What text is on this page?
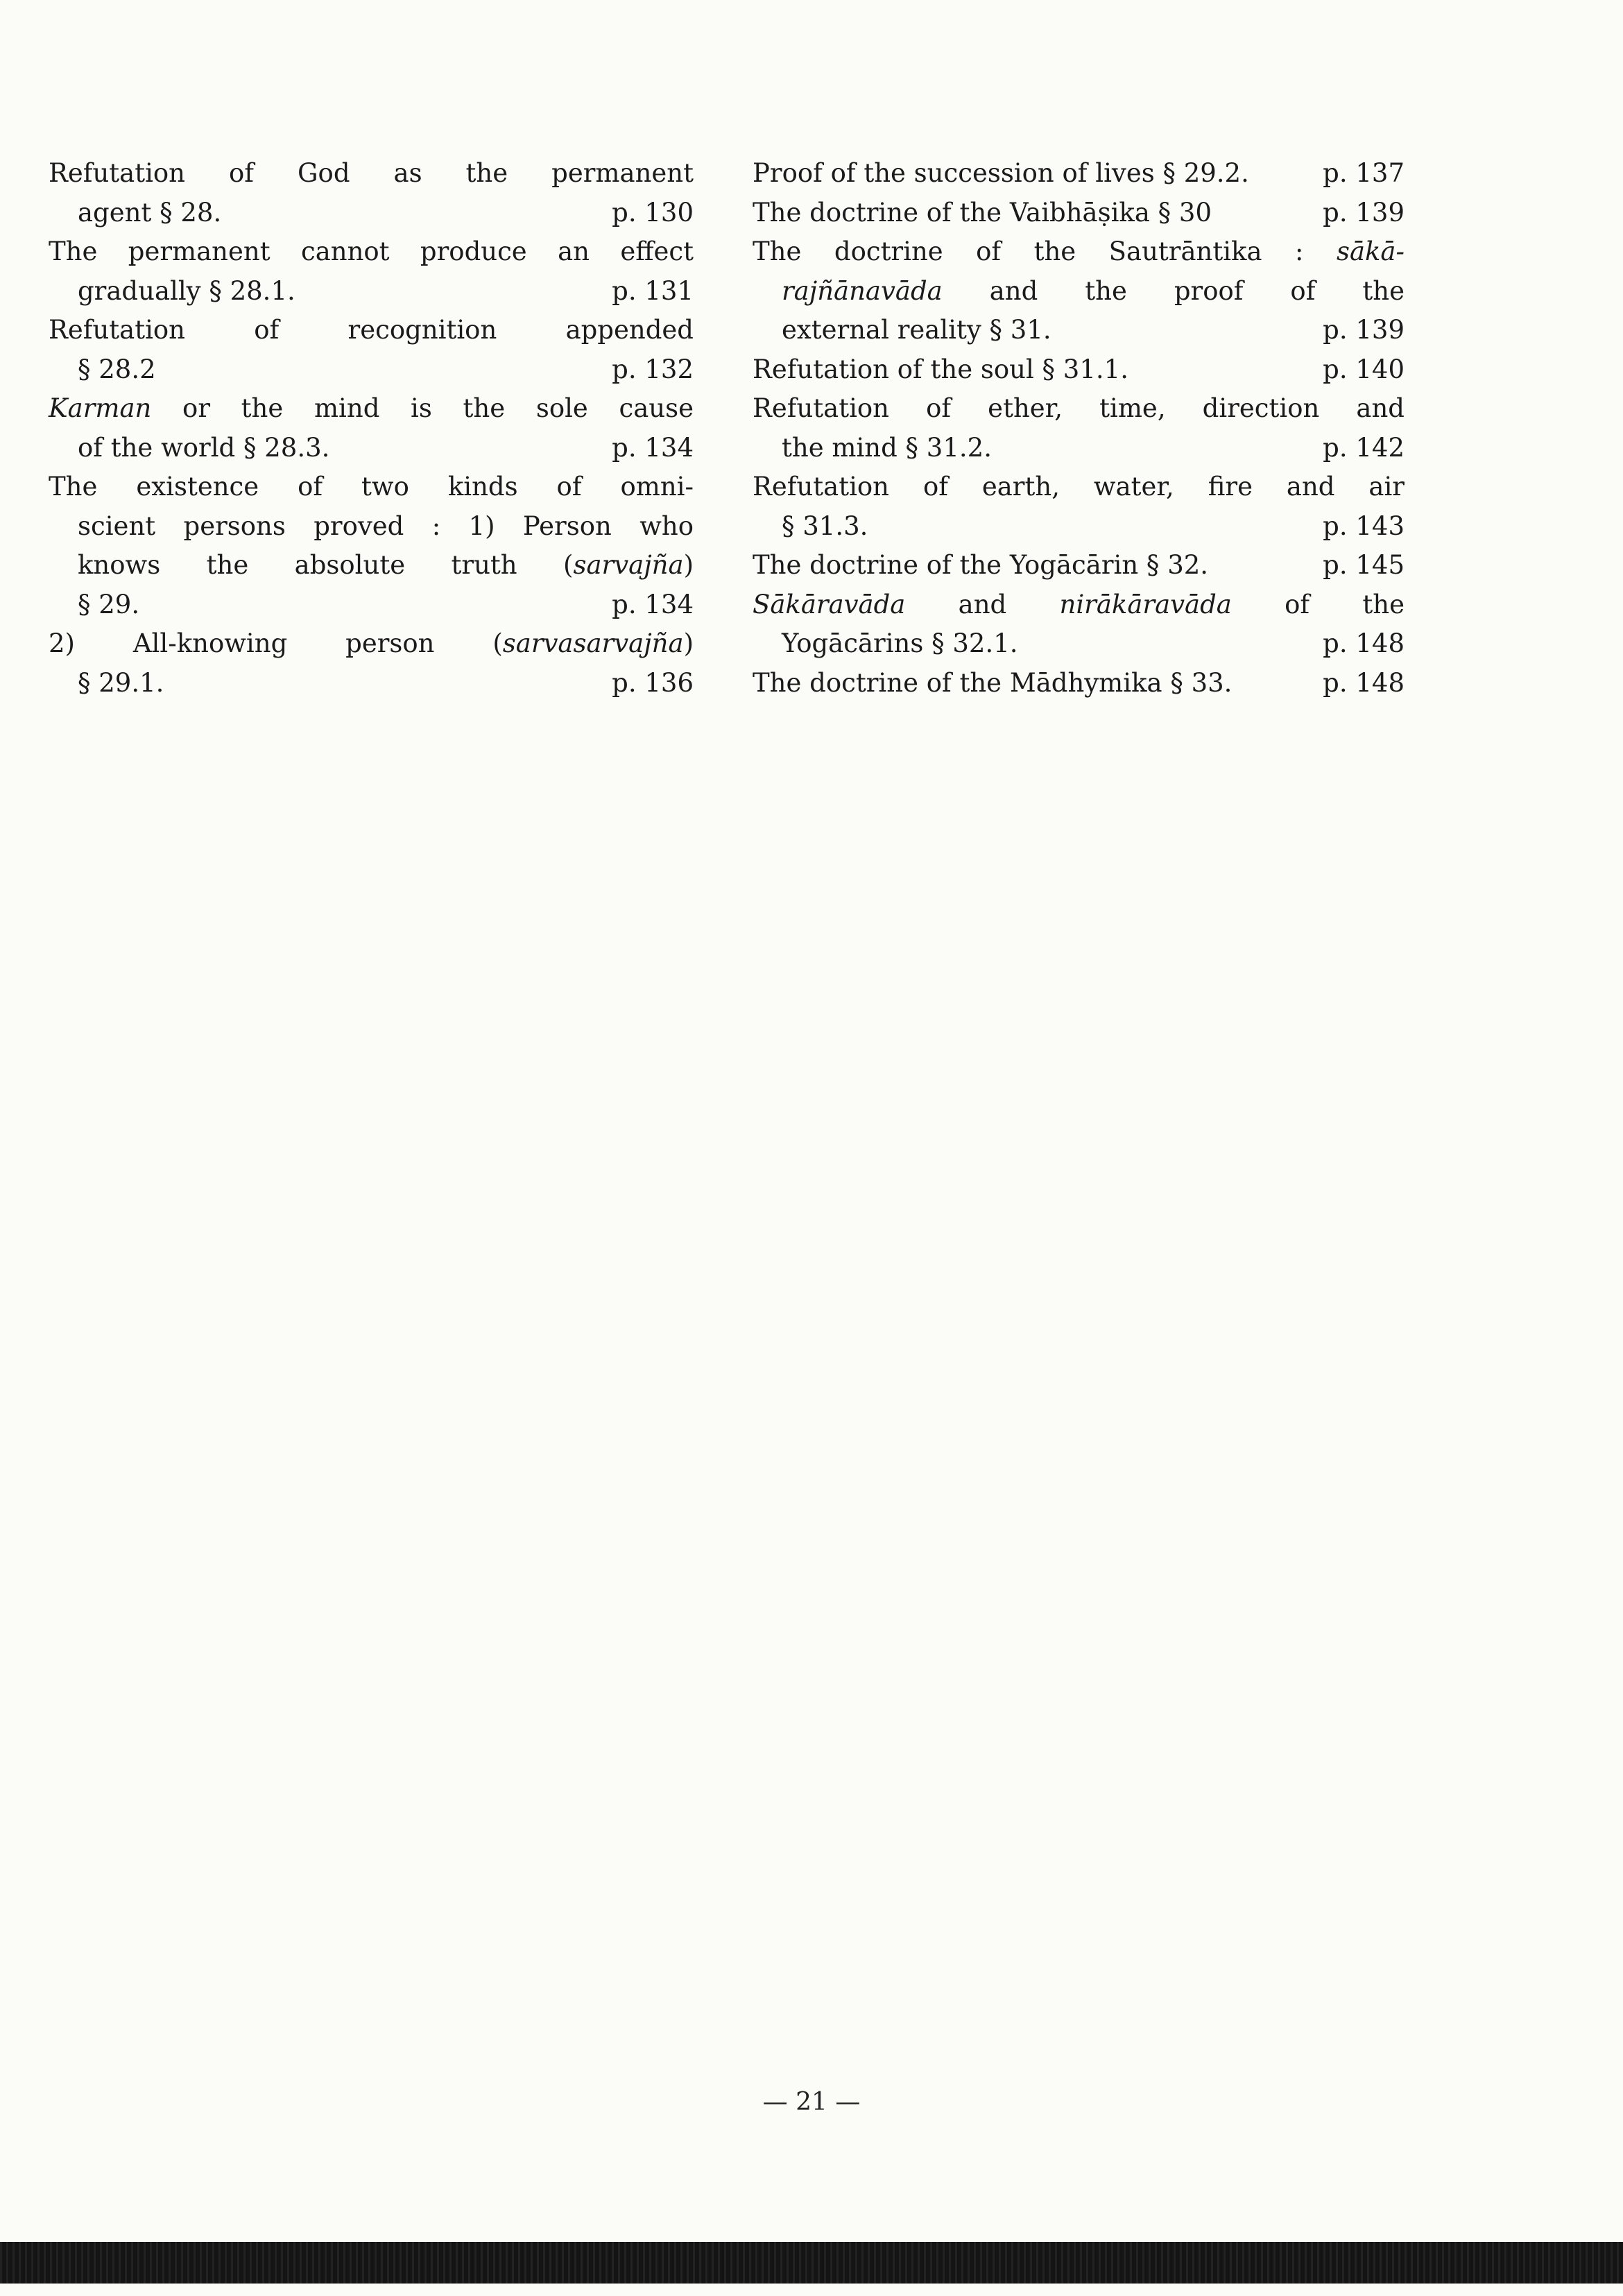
Refutation of God as the permanent
agent § 28.	p. 130
The permanent cannot produce an effect
gradually § 28.1.	p. 131
Refutation of recognition appended
§ 28.2	p. 132
Karman or the mind is the sole cause
of the world § 28.3.	p. 134
The existence of two kinds of omni-
scient persons proved : 1) Person who
knows the absolute truth (sarvajña)
§ 29.	p. 134
2) All-knowing person (sarvasarvajña)
§ 29.1.	p. 136
Proof of the succession of lives § 29.2.	p. 137
The doctrine of the Vaibhāṣika § 30	p. 139
The doctrine of the Sautrāntika : sākā-
rajñānavāda and the proof of the
external reality § 31.	p. 139
Refutation of the soul § 31.1.	p. 140
Refutation of ether, time, direction and
the mind § 31.2.	p. 142
Refutation of earth, water, fire and air
§ 31.3.	p. 143
The doctrine of the Yogācārin § 32.	p. 145
Sākāravāda and nirākāravāda of the
Yogācārins § 32.1.	p. 148
The doctrine of the Mādhymika § 33.	p. 148
— 21 —
